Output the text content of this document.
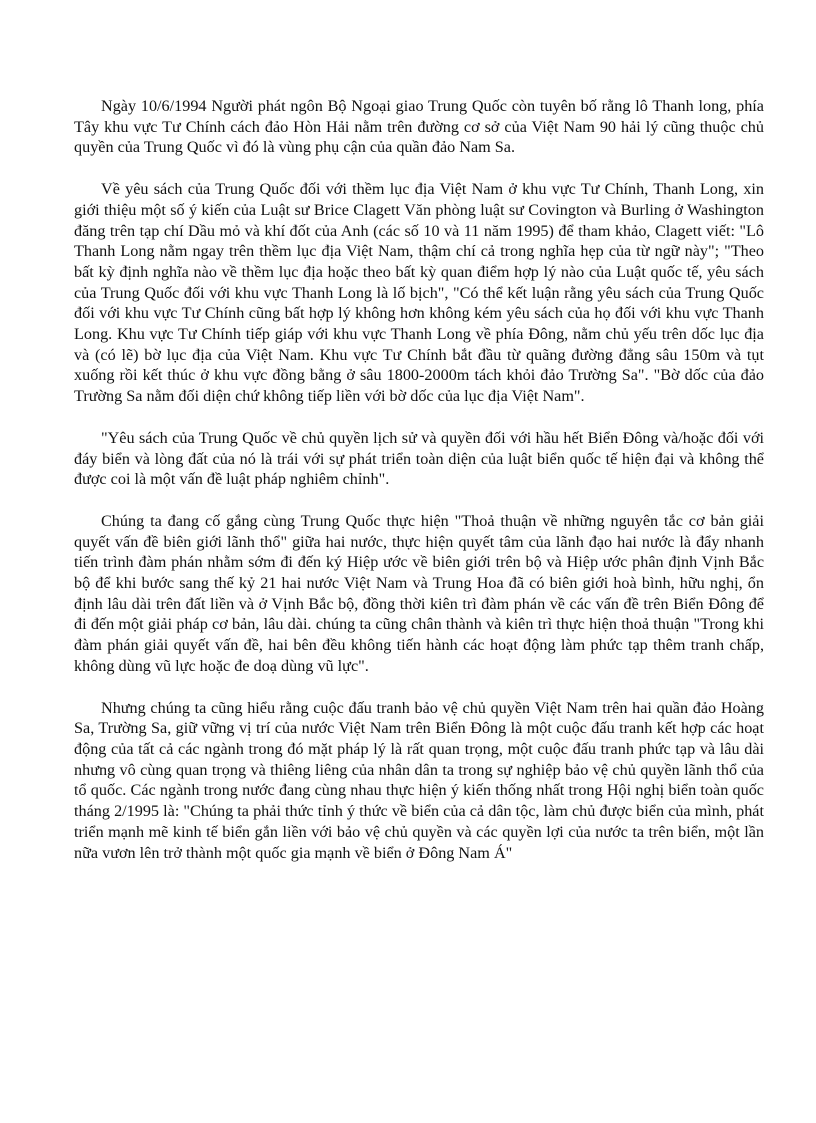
Ngày 10/6/1994 Người phát ngôn Bộ Ngoại giao Trung Quốc còn tuyên bố rằng lô Thanh long, phía Tây khu vực Tư Chính cách đảo Hòn Hải nằm trên đường cơ sở của Việt Nam 90 hải lý cũng thuộc chủ quyền của Trung Quốc vì đó là vùng phụ cận của quần đảo Nam Sa.

Về yêu sách của Trung Quốc đối với thềm lục địa Việt Nam ở khu vực Tư Chính, Thanh Long, xin giới thiệu một số ý kiến của Luật sư Brice Clagett Văn phòng luật sư Covington và Burling ở Washington đăng trên tạp chí Dầu mỏ và khí đốt của Anh (các số 10 và 11 năm 1995) để tham khảo, Clagett viết: "Lô Thanh Long nằm ngay trên thềm lục địa Việt Nam, thậm chí cả trong nghĩa hẹp của từ ngữ này"; "Theo bất kỳ định nghĩa nào về thềm lục địa hoặc theo bất kỳ quan điểm hợp lý nào của Luật quốc tế, yêu sách của Trung Quốc đối với khu vực Thanh Long là lố bịch", "Có thể kết luận rằng yêu sách của Trung Quốc đối với khu vực Tư Chính cũng bất hợp lý không hơn không kém yêu sách của họ đối với khu vực Thanh Long. Khu vực Tư Chính tiếp giáp với khu vực Thanh Long về phía Đông, nằm chủ yếu trên dốc lục địa và (có lẽ) bờ lục địa của Việt Nam. Khu vực Tư Chính bắt đầu từ quãng đường đẳng sâu 150m và tụt xuống rồi kết thúc ở khu vực đồng bằng ở sâu 1800-2000m tách khỏi đảo Trường Sa". "Bờ dốc của đảo Trường Sa nằm đối diện chứ không tiếp liền với bờ dốc của lục địa Việt Nam".

"Yêu sách của Trung Quốc về chủ quyền lịch sử và quyền đối với hầu hết Biển Đông và/hoặc đối với đáy biển và lòng đất của nó là trái với sự phát triển toàn diện của luật biển quốc tế hiện đại và không thể được coi là một vấn đề luật pháp nghiêm chỉnh".

Chúng ta đang cố gắng cùng Trung Quốc thực hiện "Thoả thuận về những nguyên tắc cơ bản giải quyết vấn đề biên giới lãnh thổ" giữa hai nước, thực hiện quyết tâm của lãnh đạo hai nước là đẩy nhanh tiến trình đàm phán nhằm sớm đi đến ký Hiệp ước về biên giới trên bộ và Hiệp ước phân định Vịnh Bắc bộ để khi bước sang thế kỷ 21 hai nước Việt Nam và Trung Hoa đã có biên giới hoà bình, hữu nghị, ổn định lâu dài trên đất liền và ở Vịnh Bắc bộ, đồng thời kiên trì đàm phán về các vấn đề trên Biển Đông để đi đến một giải pháp cơ bản, lâu dài. chúng ta cũng chân thành và kiên trì thực hiện thoả thuận "Trong khi đàm phán giải quyết vấn đề, hai bên đều không tiến hành các hoạt động làm phức tạp thêm tranh chấp, không dùng vũ lực hoặc đe doạ dùng vũ lực".

Nhưng chúng ta cũng hiểu rằng cuộc đấu tranh bảo vệ chủ quyền Việt Nam trên hai quần đảo Hoàng Sa, Trường Sa, giữ vững vị trí của nước Việt Nam trên Biển Đông là một cuộc đấu tranh kết hợp các hoạt động của tất cả các ngành trong đó mặt pháp lý là rất quan trọng, một cuộc đấu tranh phức tạp và lâu dài nhưng vô cùng quan trọng và thiêng liêng của nhân dân ta trong sự nghiệp bảo vệ chủ quyền lãnh thổ của tổ quốc. Các ngành trong nước đang cùng nhau thực hiện ý kiến thống nhất trong Hội nghị biển toàn quốc tháng 2/1995 là: "Chúng ta phải thức tỉnh ý thức về biển của cả dân tộc, làm chủ được biển của mình, phát triển mạnh mẽ kinh tế biển gắn liền với bảo vệ chủ quyền và các quyền lợi của nước ta trên biển, một lần nữa vươn lên trở thành một quốc gia mạnh về biển ở Đông Nam Á"
